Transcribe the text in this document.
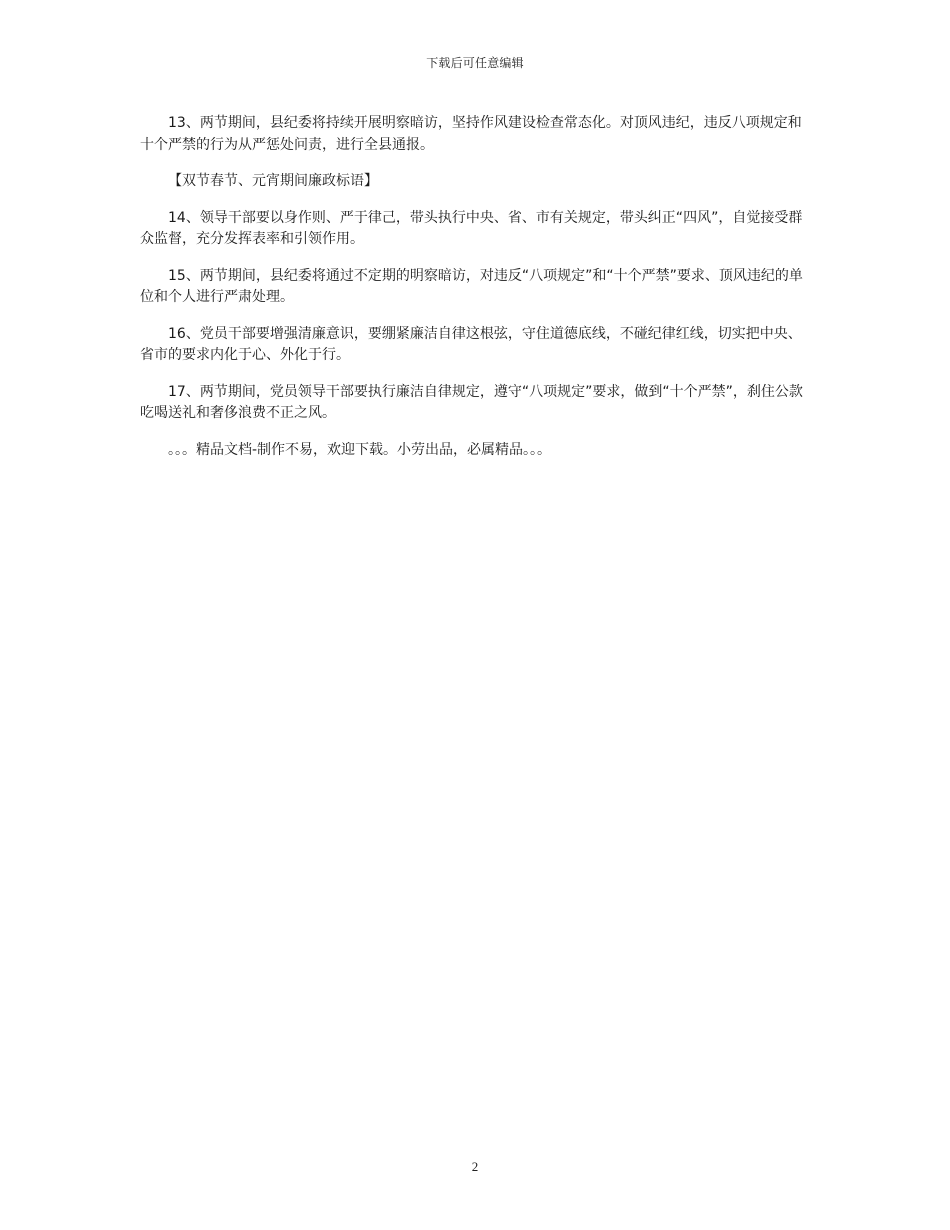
下载后可任意编辑

13、两节期间，县纪委将持续开展明察暗访，坚持作风建设检查常态化。对顶风违纪，违反八项规定和十个严禁的行为从严惩处问责，进行全县通报。

【双节春节、元宵期间廉政标语】

14、领导干部要以身作则、严于律己，带头执行中央、省、市有关规定，带头纠正“四风”，自觉接受群众监督，充分发挥表率和引领作用。

15、两节期间，县纪委将通过不定期的明察暗访，对违反“八项规定”和“十个严禁”要求、顶风违纪的单位和个人进行严肃处理。

16、党员干部要增强清廉意识，要绷紧廉洁自律这根弦，守住道德底线，不碰纪律红线，切实把中央、省市的要求内化于心、外化于行。

17、两节期间，党员领导干部要执行廉洁自律规定，遵守“八项规定”要求，做到“十个严禁”，刹住公款吃喝送礼和奢侈浪费不正之风。

。。。精品文档-制作不易，欢迎下载。小劳出品，必属精品。。。

2
